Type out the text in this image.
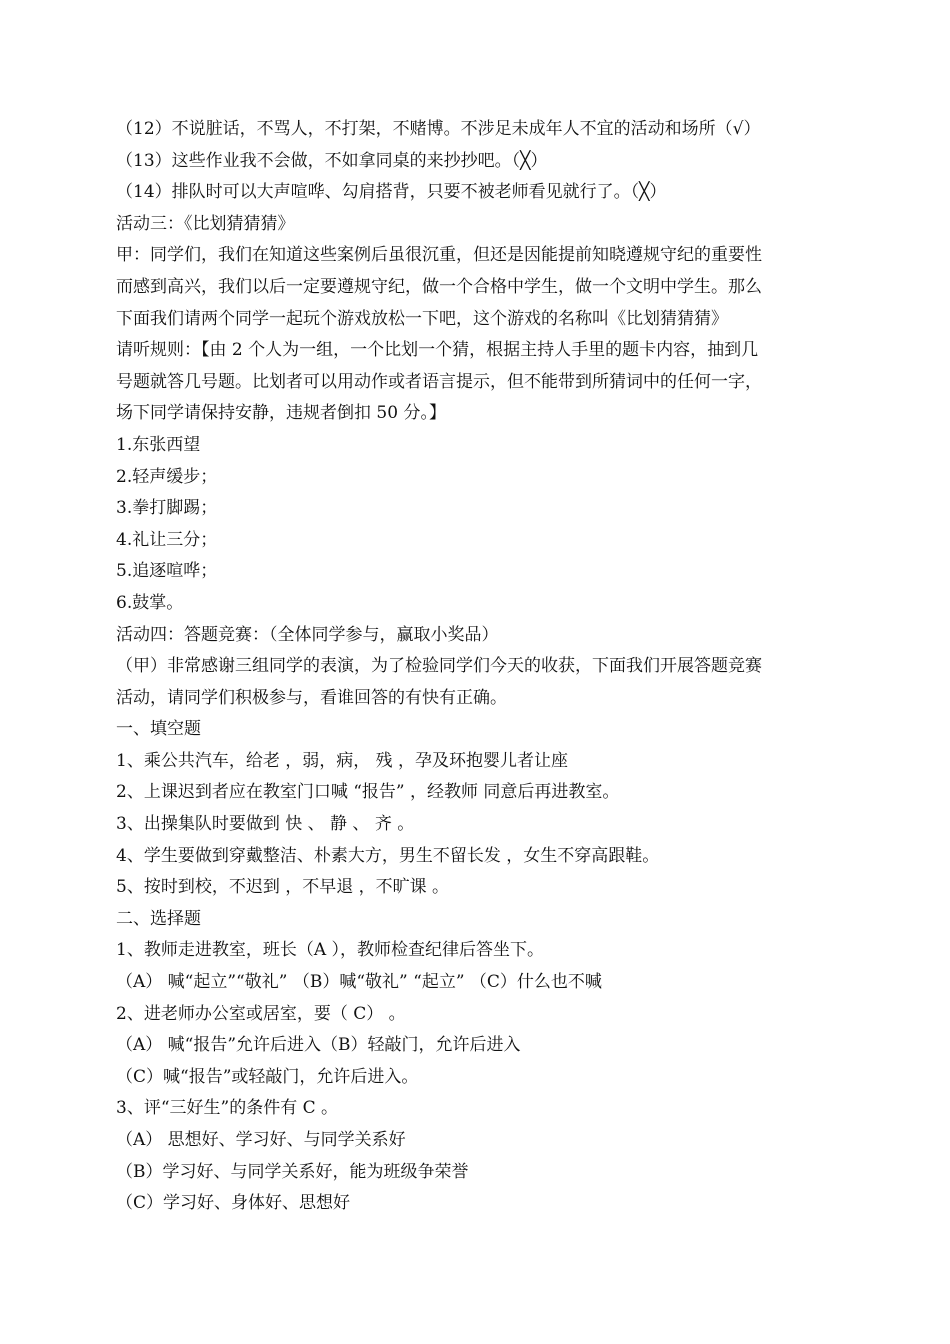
（12）不说脏话，不骂人，不打架，不赌博。不涉足未成年人不宜的活动和场所（√）
（13）这些作业我不会做，不如拿同桌的来抄抄吧。（╳）
（14）排队时可以大声喧哗、勾肩搭背，只要不被老师看见就行了。（╳）
活动三：《比划猜猜猜》
甲：同学们，我们在知道这些案例后虽很沉重，但还是因能提前知晓遵规守纪的重要性
而感到高兴，我们以后一定要遵规守纪，做一个合格中学生，做一个文明中学生。那么
下面我们请两个同学一起玩个游戏放松一下吧，这个游戏的名称叫《比划猜猜猜》
请听规则：【由 2 个人为一组，一个比划一个猜，根据主持人手里的题卡内容，抽到几
号题就答几号题。比划者可以用动作或者语言提示，但不能带到所猜词中的任何一字，
场下同学请保持安静，违规者倒扣 50 分。】
1.东张西望
2.轻声缓步；
3.拳打脚踢；
4.礼让三分；
5.追逐喧哗；
6.鼓掌。
活动四：答题竞赛：（全体同学参与，赢取小奖品）
（甲）非常感谢三组同学的表演，为了检验同学们今天的收获，下面我们开展答题竞赛
活动，请同学们积极参与，看谁回答的有快有正确。
一、填空题
1、乘公共汽车，给老 ，弱，病， 残 ，孕及环抱婴儿者让座
2、上课迟到者应在教室门口喊 “报告” ，经教师 同意后再进教室。
3、出操集队时要做到 快 、 静 、 齐 。
4、学生要做到穿戴整洁、朴素大方，男生不留长发 ，女生不穿高跟鞋。
5、按时到校，不迟到 ，不早退 ，不旷课 。
二、选择题
1、教师走进教室，班长（A ），教师检查纪律后答坐下。
（A） 喊“起立”“敬礼” （B）喊“敬礼” “起立” （C）什么也不喊
2、进老师办公室或居室，要（ C） 。
（A） 喊“报告”允许后进入（B）轻敲门，允许后进入
（C）喊“报告”或轻敲门，允许后进入。
3、评“三好生”的条件有 C 。
（A） 思想好、学习好、与同学关系好
（B）学习好、与同学关系好，能为班级争荣誉
（C）学习好、身体好、思想好
